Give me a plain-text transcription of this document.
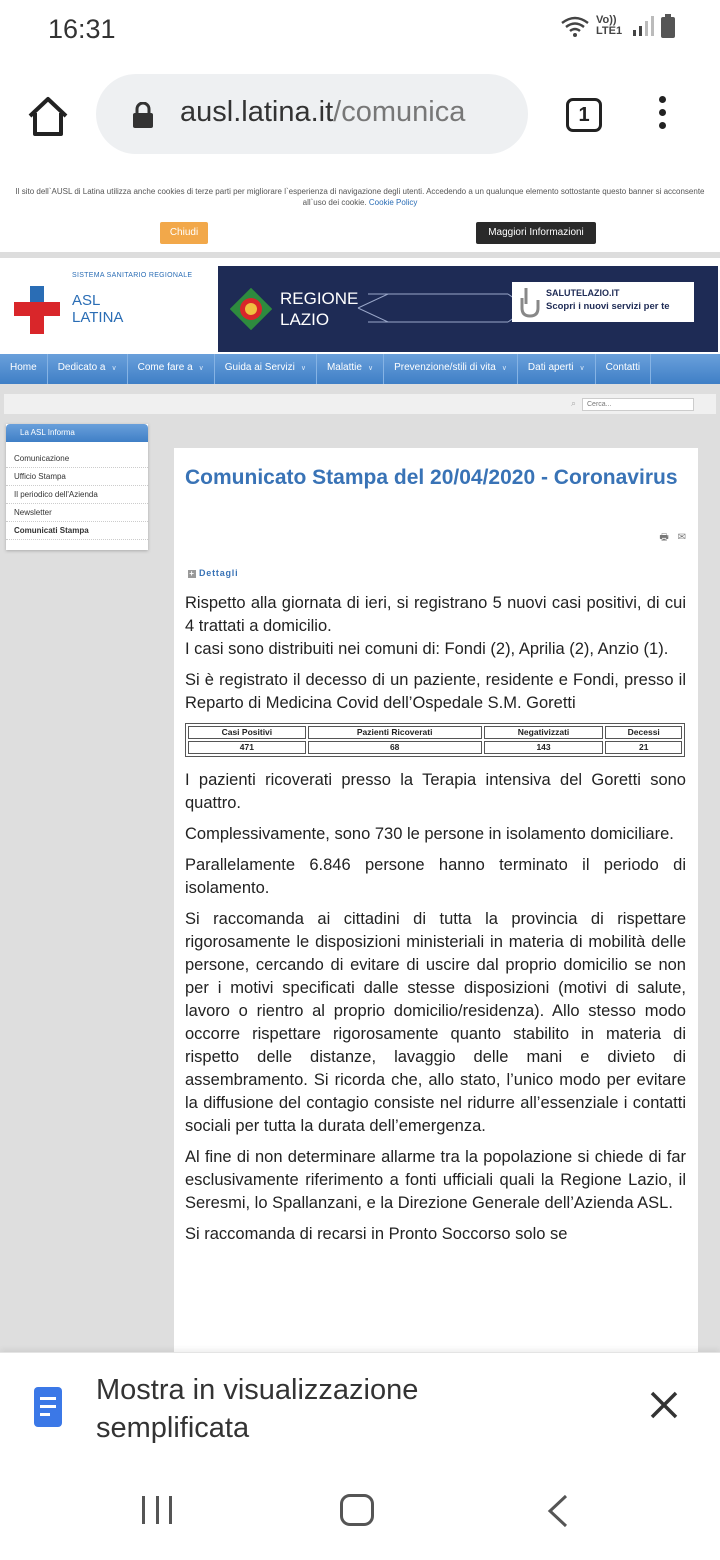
16:31	Vo)) LTE1
ausl.latina.it/comunica	1
Il sito dell`AUSL di Latina utilizza anche cookies di terze parti per migliorare l`esperienza di navigazione degli utenti. Accedendo a un qualunque elemento sottostante questo banner si acconsente all`uso dei cookie. Cookie Policy
Chiudi	Maggiori Informazioni
SISTEMA SANITARIO REGIONALE
ASL
LATINA
REGIONE
LAZIO
SALUTELAZIO.IT
Scopri i nuovi servizi per te
Home	Dedicato a ∨	Come fare a ∨	Guida ai Servizi ∨	Malattie ∨	Prevenzione/stili di vita ∨	Dati aperti ∨	Contatti
⌕	Cerca...
La ASL Informa
Comunicazione
Ufficio Stampa
Il periodico dell'Azienda
Newsletter
Comunicati Stampa
Comunicato Stampa del 20/04/2020 - Coronavirus
🖶 ✉
+ Dettagli

Rispetto alla giornata di ieri, si registrano 5 nuovi casi positivi, di cui 4 trattati a domicilio.
I casi sono distribuiti nei comuni di: Fondi (2), Aprilia (2), Anzio (1).

Si è registrato il decesso di un paziente, residente e Fondi, presso il Reparto di Medicina Covid dell’Ospedale S.M. Goretti

Casi Positivi	Pazienti Ricoverati	Negativizzati	Decessi
471	68	143	21

I pazienti ricoverati presso la Terapia intensiva del Goretti sono quattro.

Complessivamente, sono 730 le persone in isolamento domiciliare.

Parallelamente 6.846 persone hanno terminato il periodo di isolamento.

Si raccomanda ai cittadini di tutta la provincia di rispettare rigorosamente le disposizioni ministeriali in materia di mobilità delle persone, cercando di evitare di uscire dal proprio domicilio se non per i motivi specificati dalle stesse disposizioni (motivi di salute, lavoro o rientro al proprio domicilio/residenza). Allo stesso modo occorre rispettare rigorosamente quanto stabilito in materia di rispetto delle distanze, lavaggio delle mani e divieto di assembramento. Si ricorda che, allo stato, l’unico modo per evitare la diffusione del contagio consiste nel ridurre all’essenziale i contatti sociali per tutta la durata dell’emergenza.

Al fine di non determinare allarme tra la popolazione si chiede di far esclusivamente riferimento a fonti ufficiali quali la Regione Lazio, il Seresmi, lo Spallanzani, e la Direzione Generale dell’Azienda ASL.

Si raccomanda di recarsi in Pronto Soccorso solo se

Mostra in visualizzazione
semplificata
